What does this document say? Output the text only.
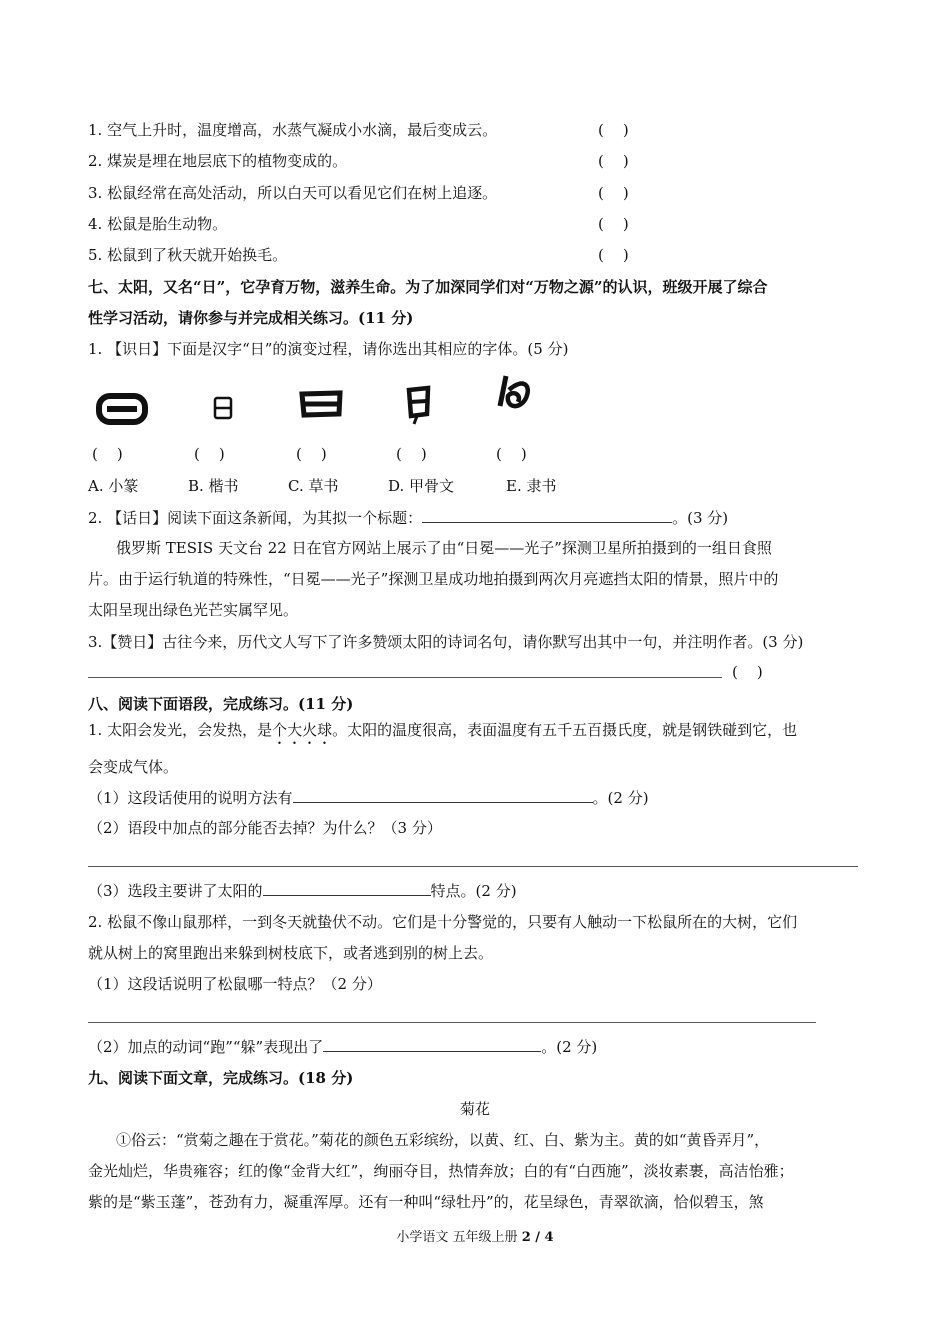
1. 空气上升时，温度增高，水蒸气凝成小水滴，最后变成云。	(    )
2. 煤炭是埋在地层底下的植物变成的。	(    )
3. 松鼠经常在高处活动，所以白天可以看见它们在树上追逐。	(    )
4. 松鼠是胎生动物。	(    )
5. 松鼠到了秋天就开始换毛。	(    )
七、太阳，又名“日”，它孕育万物，滋养生命。为了加深同学们对“万物之源”的认识，班级开展了综合
性学习活动，请你参与并完成相关练习。(11 分)
1. 【识日】下面是汉字“日”的演变过程，请你选出其相应的字体。(5 分)
(    )	(    )	(    )	(    )	(    )
A. 小篆	B. 楷书	C. 草书	D. 甲骨文	E. 隶书
2. 【话日】阅读下面这条新闻，为其拟一个标题：	。(3 分)
俄罗斯 TESIS 天文台 22 日在官方网站上展示了由“日冕——光子”探测卫星所拍摄到的一组日食照
片。由于运行轨道的特殊性，“日冕——光子”探测卫星成功地拍摄到两次月亮遮挡太阳的情景，照片中的
太阳呈现出绿色光芒实属罕见。
3.【赞日】古往今来，历代文人写下了许多赞颂太阳的诗词名句，请你默写出其中一句，并注明作者。(3 分)
(    )
八、阅读下面语段，完成练习。(11 分)
1. 太阳会发光，会发热，是个大火球。太阳的温度很高，表面温度有五千五百摄氏度，就是钢铁碰到它，也
会变成气体。
（1）这段话使用的说明方法有	。(2 分)
（2）语段中加点的部分能否去掉？为什么？（3 分）
（3）选段主要讲了太阳的	特点。(2 分)
2. 松鼠不像山鼠那样，一到冬天就蛰伏不动。它们是十分警觉的，只要有人触动一下松鼠所在的大树，它们
就从树上的窝里跑出来躲到树枝底下，或者逃到别的树上去。
（1）这段话说明了松鼠哪一特点？（2 分）
（2）加点的动词“跑”“躲”表现出了	。(2 分)
九、阅读下面文章，完成练习。(18 分)
菊花
①俗云：“赏菊之趣在于赏花。”菊花的颜色五彩缤纷，以黄、红、白、紫为主。黄的如“黄昏弄月”，
金光灿烂，华贵雍容；红的像“金背大红”，绚丽夺目，热情奔放；白的有“白西施”，淡妆素裹，高洁怡雅；
紫的是“紫玉蓬”，苍劲有力，凝重浑厚。还有一种叫“绿牡丹”的，花呈绿色，青翠欲滴，恰似碧玉，煞
小学语文 五年级上册 2 / 4
